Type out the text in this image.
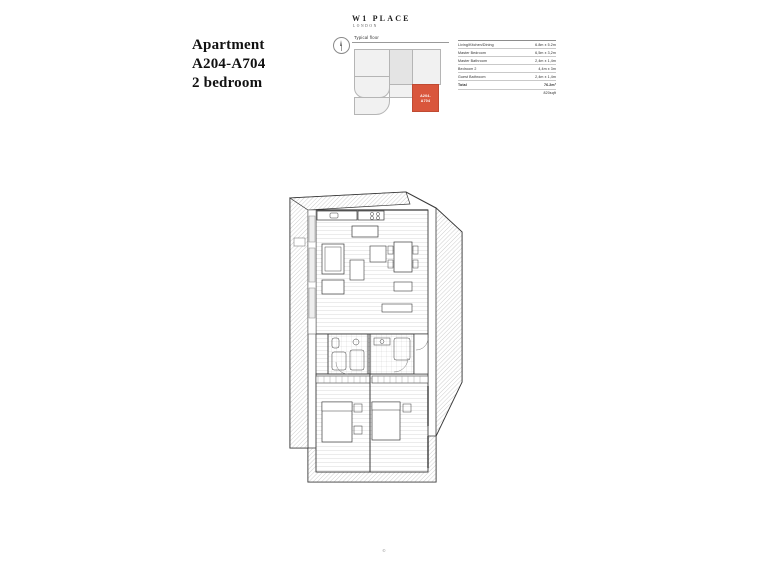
Apartment
A204-A704
2 bedroom
W1 PLACE
LONDON
Typical floor
A204-
A704
Living/Kitchen/Dining	6.8m x 5.2m
Master Bedroom	6,5m x 3,2m
Master Bathroom	2,4m x 1,4m
Bedroom 2	4,4m x 3m
Guest Bathroom	2,4m x 1,4m
Total	76.2m²
820sqft
©
